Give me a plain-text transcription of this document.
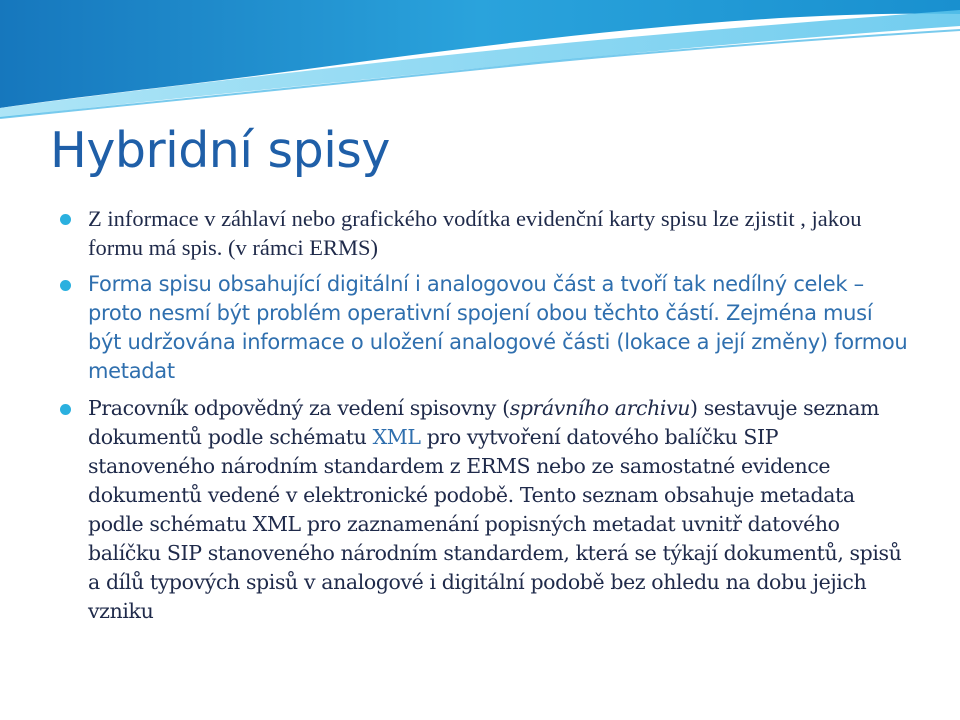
Hybridní spisy
Z informace v záhlaví nebo grafického vodítka evidenční karty spisu lze zjistit , jakou formu má spis. (v rámci ERMS)
Forma spisu obsahující digitální i analogovou část a tvoří tak nedílný celek – proto nesmí být problém operativní spojení obou těchto částí. Zejména musí být udržována informace o uložení analogové části (lokace a její změny) formou metadat
Pracovník odpovědný za vedení spisovny (správního archivu) sestavuje seznam dokumentů podle schématu XML pro vytvoření datového balíčku SIP stanoveného národním standardem z ERMS nebo ze samostatné evidence dokumentů vedené v elektronické podobě. Tento seznam obsahuje metadata podle schématu XML pro zaznamenání popisných metadat uvnitř datového balíčku SIP stanoveného národním standardem, která se týkají dokumentů, spisů a dílů typových spisů v analogové i digitální podobě bez ohledu na dobu jejich vzniku
